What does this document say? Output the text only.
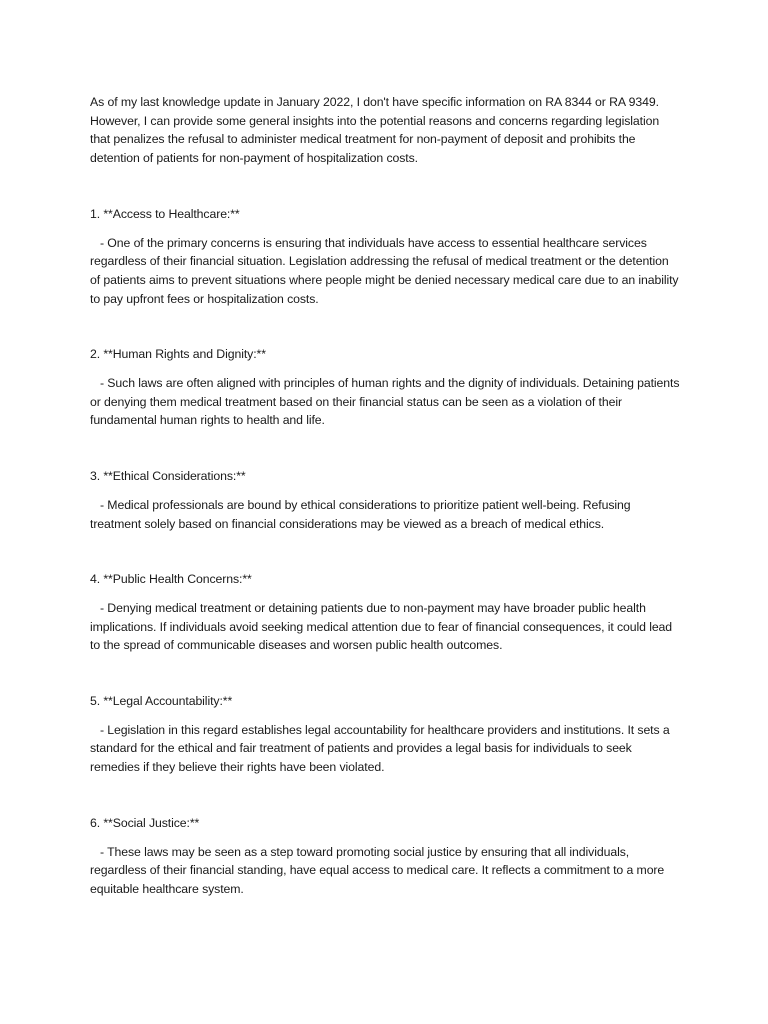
As of my last knowledge update in January 2022, I don't have specific information on RA 8344 or RA 9349. However, I can provide some general insights into the potential reasons and concerns regarding legislation that penalizes the refusal to administer medical treatment for non-payment of deposit and prohibits the detention of patients for non-payment of hospitalization costs.

1. **Access to Healthcare:**

- One of the primary concerns is ensuring that individuals have access to essential healthcare services regardless of their financial situation. Legislation addressing the refusal of medical treatment or the detention of patients aims to prevent situations where people might be denied necessary medical care due to an inability to pay upfront fees or hospitalization costs.

2. **Human Rights and Dignity:**

- Such laws are often aligned with principles of human rights and the dignity of individuals. Detaining patients or denying them medical treatment based on their financial status can be seen as a violation of their fundamental human rights to health and life.

3. **Ethical Considerations:**

- Medical professionals are bound by ethical considerations to prioritize patient well-being. Refusing treatment solely based on financial considerations may be viewed as a breach of medical ethics.

4. **Public Health Concerns:**

- Denying medical treatment or detaining patients due to non-payment may have broader public health implications. If individuals avoid seeking medical attention due to fear of financial consequences, it could lead to the spread of communicable diseases and worsen public health outcomes.

5. **Legal Accountability:**

- Legislation in this regard establishes legal accountability for healthcare providers and institutions. It sets a standard for the ethical and fair treatment of patients and provides a legal basis for individuals to seek remedies if they believe their rights have been violated.

6. **Social Justice:**

- These laws may be seen as a step toward promoting social justice by ensuring that all individuals, regardless of their financial standing, have equal access to medical care. It reflects a commitment to a more equitable healthcare system.
